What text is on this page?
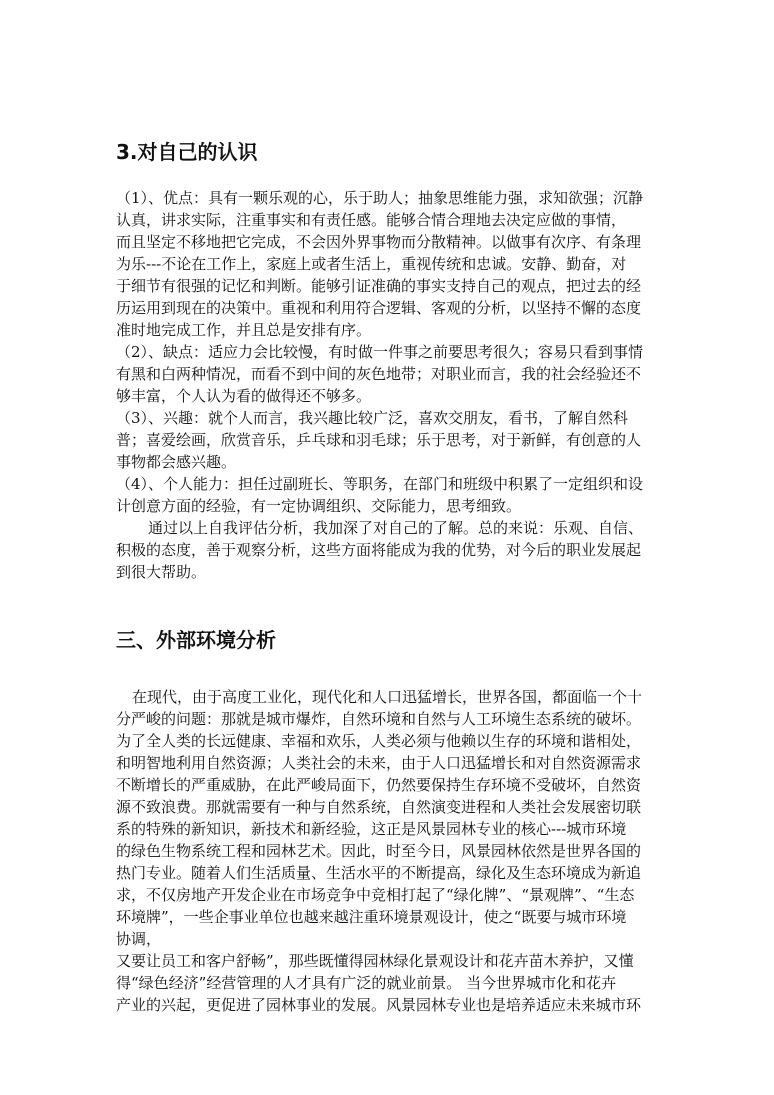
3.对自己的认识

（1）、优点：具有一颗乐观的心，乐于助人；抽象思维能力强，求知欲强；沉静

认真，讲求实际，注重事实和有责任感。能够合情合理地去决定应做的事情，

而且坚定不移地把它完成，不会因外界事物而分散精神。以做事有次序、有条理

为乐---不论在工作上，家庭上或者生活上，重视传统和忠诚。安静、勤奋，对

于细节有很强的记忆和判断。能够引证准确的事实支持自己的观点，把过去的经

历运用到现在的决策中。重视和利用符合逻辑、客观的分析，以坚持不懈的态度

准时地完成工作，并且总是安排有序。

（2）、缺点：适应力会比较慢，有时做一件事之前要思考很久；容易只看到事情

有黑和白两种情况，而看不到中间的灰色地带；对职业而言，我的社会经验还不

够丰富，个人认为看的做得还不够多。

（3）、兴趣：就个人而言，我兴趣比较广泛，喜欢交朋友，看书，了解自然科

普；喜爱绘画，欣赏音乐，乒乓球和羽毛球；乐于思考，对于新鲜，有创意的人

事物都会感兴趣。

（4）、个人能力：担任过副班长、等职务，在部门和班级中积累了一定组织和设

计创意方面的经验，有一定协调组织、交际能力，思考细致。

通过以上自我评估分析，我加深了对自己的了解。总的来说：乐观、自信、

积极的态度，善于观察分析，这些方面将能成为我的优势，对今后的职业发展起

到很大帮助。

三、外部环境分析

在现代，由于高度工业化，现代化和人口迅猛增长，世界各国，都面临一个十

分严峻的问题：那就是城市爆炸，自然环境和自然与人工环境生态系统的破坏。

为了全人类的长远健康、幸福和欢乐，人类必须与他赖以生存的环境和谐相处，

和明智地利用自然资源；人类社会的未来，由于人口迅猛增长和对自然资源需求

不断增长的严重威胁，在此严峻局面下，仍然要保持生存环境不受破坏，自然资

源不致浪费。那就需要有一种与自然系统，自然演变进程和人类社会发展密切联

系的特殊的新知识，新技术和新经验，这正是风景园林专业的核心---城市环境

的绿色生物系统工程和园林艺术。因此，时至今日，风景园林依然是世界各国的

热门专业。随着人们生活质量、生活水平的不断提高，绿化及生态环境成为新追

求，不仅房地产开发企业在市场竞争中竞相打起了“绿化牌”、“景观牌”、“生态

环境牌”，一些企事业单位也越来越注重环境景观设计，使之“既要与城市环境

协调，

又要让员工和客户舒畅”，那些既懂得园林绿化景观设计和花卉苗木养护，又懂

得“绿色经济”经营管理的人才具有广泛的就业前景。 当今世界城市化和花卉

产业的兴起，更促进了园林事业的发展。风景园林专业也是培养适应未来城市环
